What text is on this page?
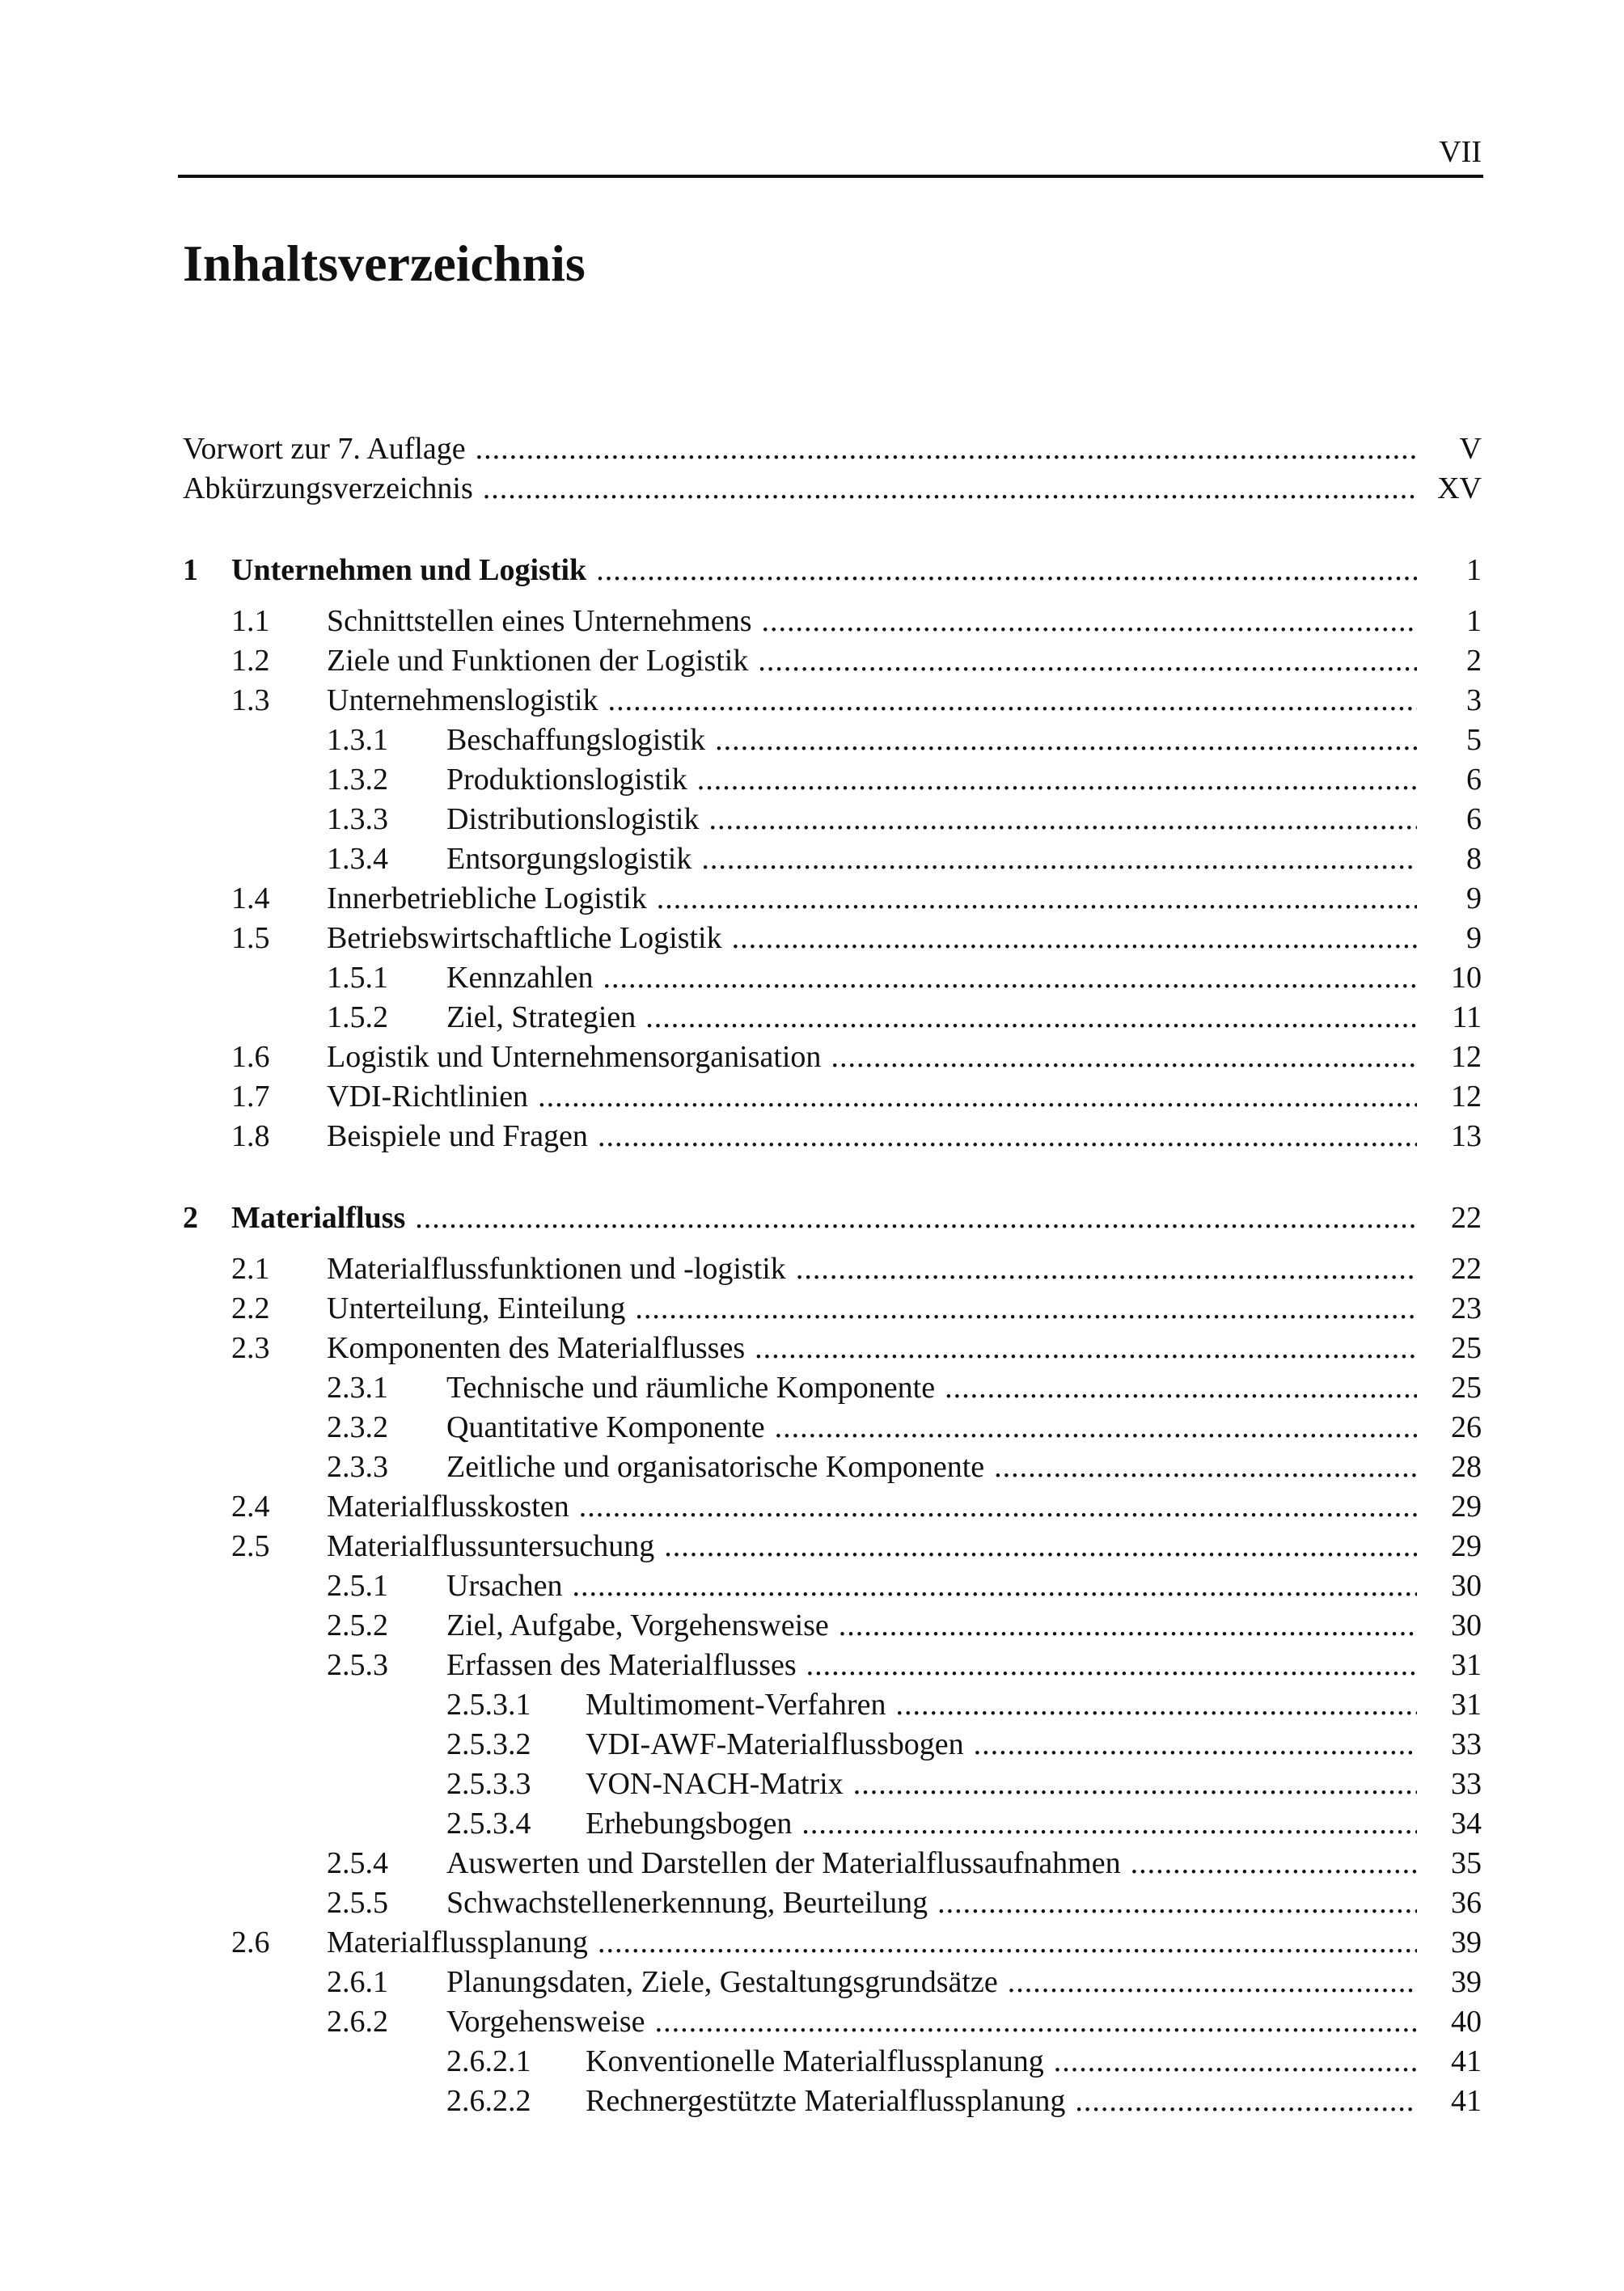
VII
Inhaltsverzeichnis
Vorwort zur 7. Auflage .....	V
Abkürzungsverzeichnis .....	XV
1 Unternehmen und Logistik .....	1
1.1 Schnittstellen eines Unternehmens .....	1
1.2 Ziele und Funktionen der Logistik .....	2
1.3 Unternehmenslogistik .....	3
1.3.1 Beschaffungslogistik .....	5
1.3.2 Produktionslogistik .....	6
1.3.3 Distributionslogistik .....	6
1.3.4 Entsorgungslogistik .....	8
1.4 Innerbetriebliche Logistik .....	9
1.5 Betriebswirtschaftliche Logistik .....	9
1.5.1 Kennzahlen .....	10
1.5.2 Ziel, Strategien .....	11
1.6 Logistik und Unternehmensorganisation .....	12
1.7 VDI-Richtlinien .....	12
1.8 Beispiele und Fragen .....	13
2 Materialfluss .....	22
2.1 Materialflussfunktionen und -logistik .....	22
2.2 Unterteilung, Einteilung .....	23
2.3 Komponenten des Materialflusses .....	25
2.3.1 Technische und räumliche Komponente .....	25
2.3.2 Quantitative Komponente .....	26
2.3.3 Zeitliche und organisatorische Komponente .....	28
2.4 Materialflusskosten .....	29
2.5 Materialflussuntersuchung .....	29
2.5.1 Ursachen .....	30
2.5.2 Ziel, Aufgabe, Vorgehensweise .....	30
2.5.3 Erfassen des Materialflusses .....	31
2.5.3.1 Multimoment-Verfahren .....	31
2.5.3.2 VDI-AWF-Materialflussbogen .....	33
2.5.3.3 VON-NACH-Matrix .....	33
2.5.3.4 Erhebungsbogen .....	34
2.5.4 Auswerten und Darstellen der Materialflussaufnahmen .....	35
2.5.5 Schwachstellenerkennung, Beurteilung .....	36
2.6 Materialflussplanung .....	39
2.6.1 Planungsdaten, Ziele, Gestaltungsgrundsätze .....	39
2.6.2 Vorgehensweise .....	40
2.6.2.1 Konventionelle Materialflussplanung .....	41
2.6.2.2 Rechnergestützte Materialflussplanung .....	41
